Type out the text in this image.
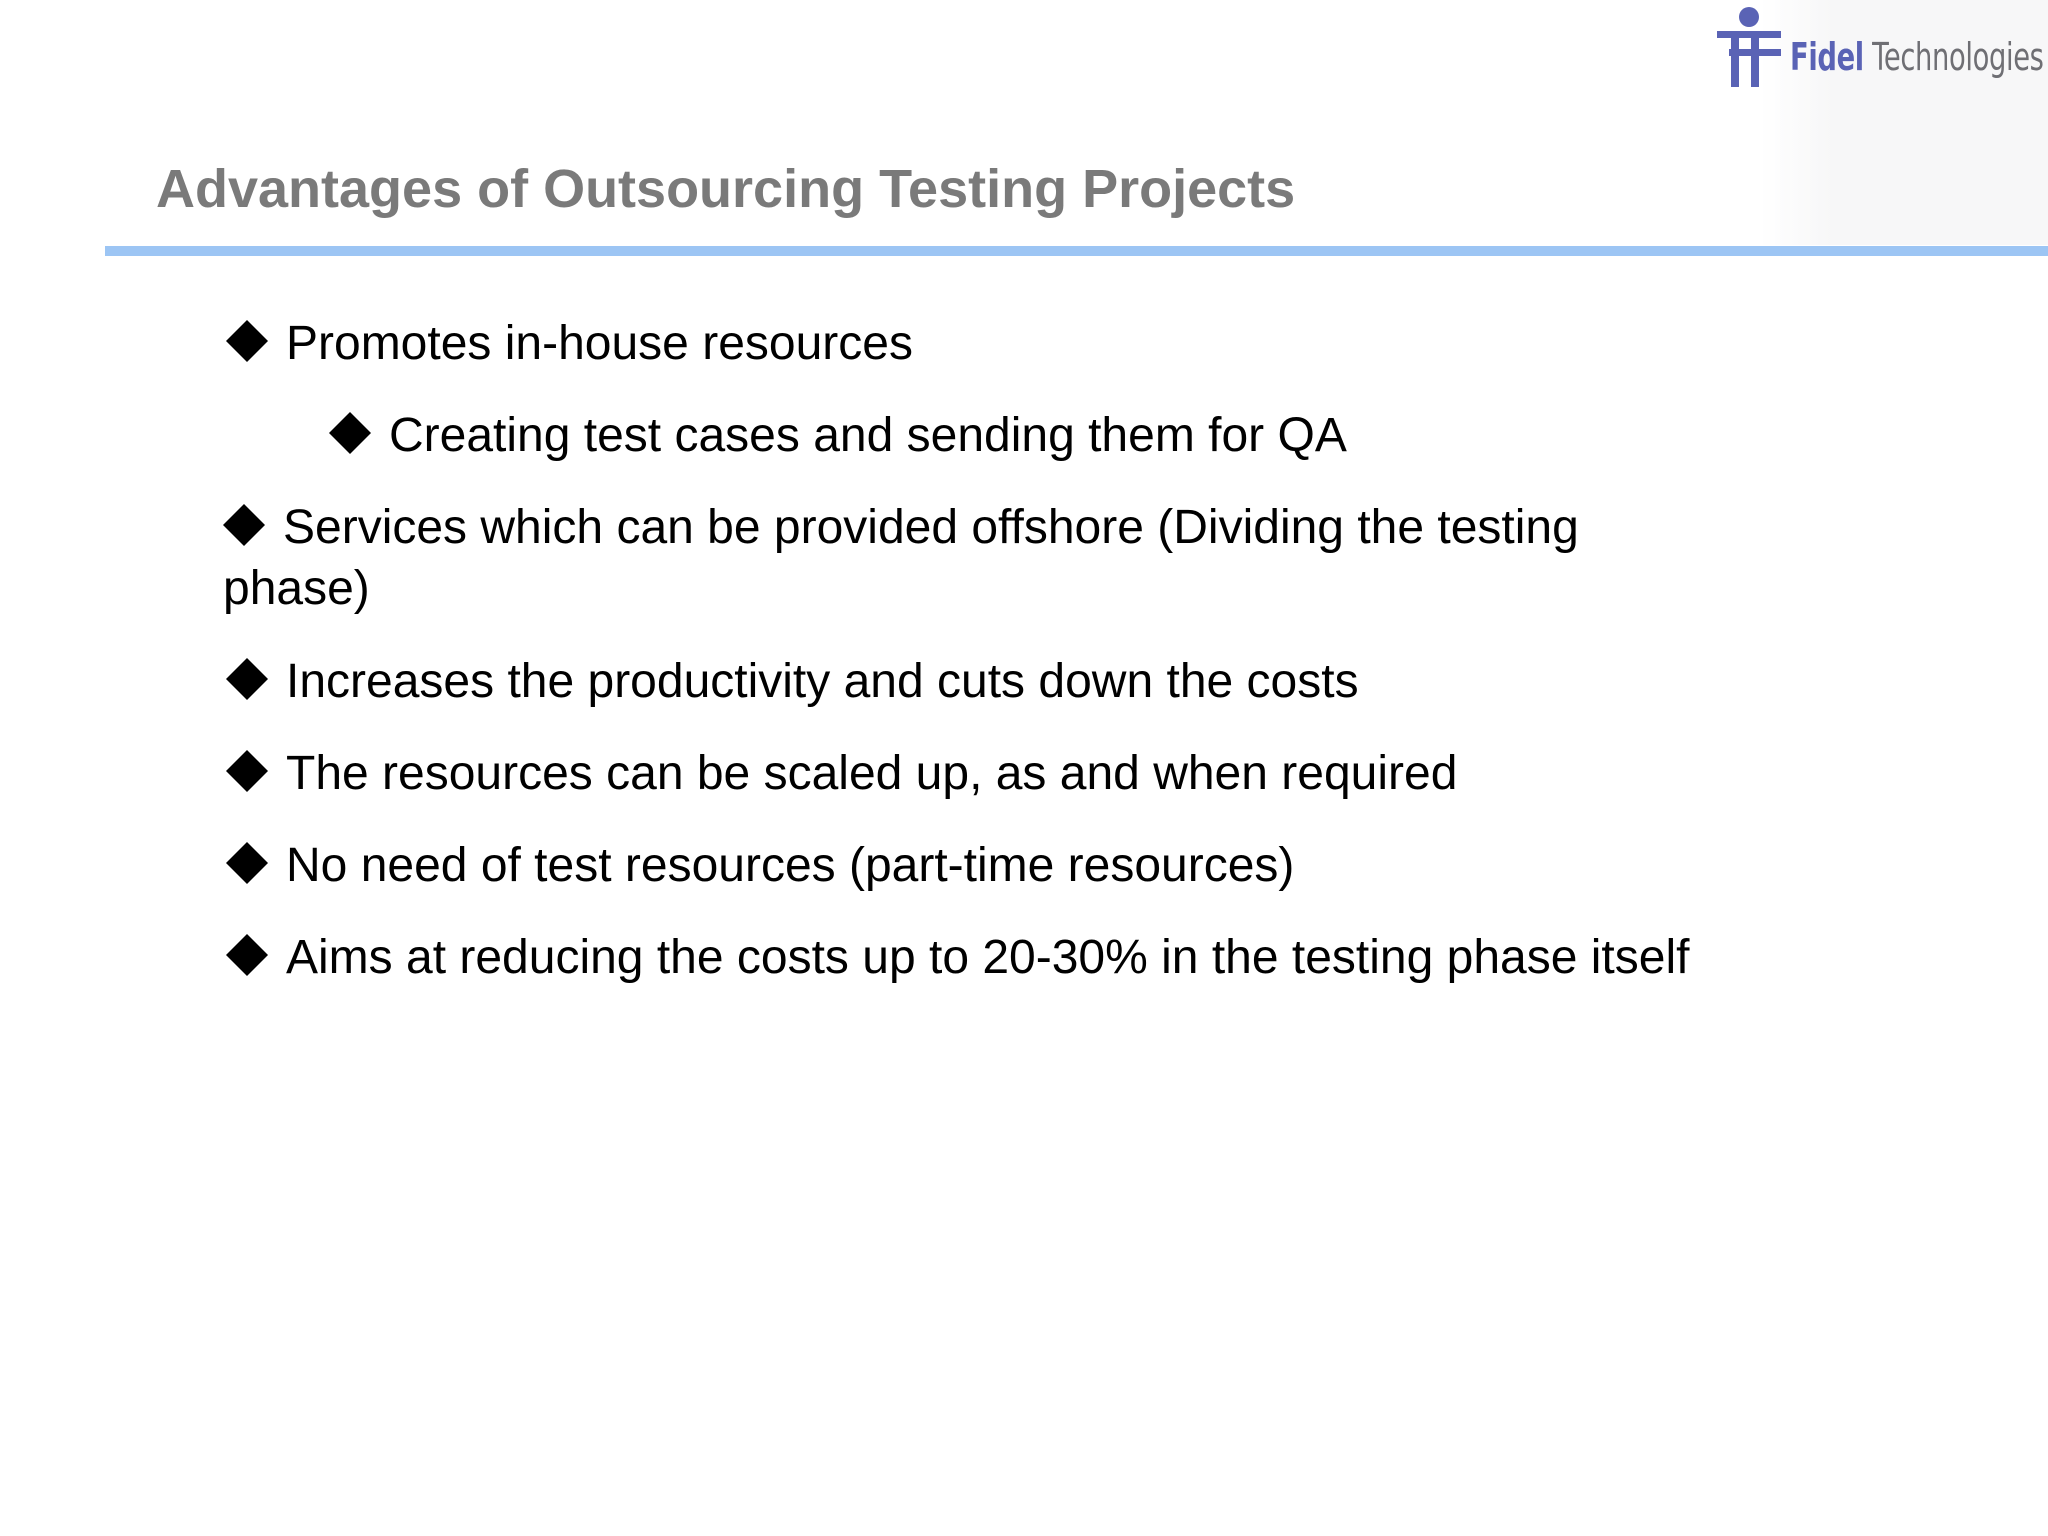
Fidel Technologies
Advantages of Outsourcing Testing Projects
Promotes in-house resources
Creating test cases and sending them for QA
Services which can be provided offshore (Dividing the testing phase)
Increases the productivity and cuts down the costs
The resources can be scaled up, as and when required
No need of test resources (part-time resources)
Aims at reducing the costs up to 20-30% in the testing phase itself
